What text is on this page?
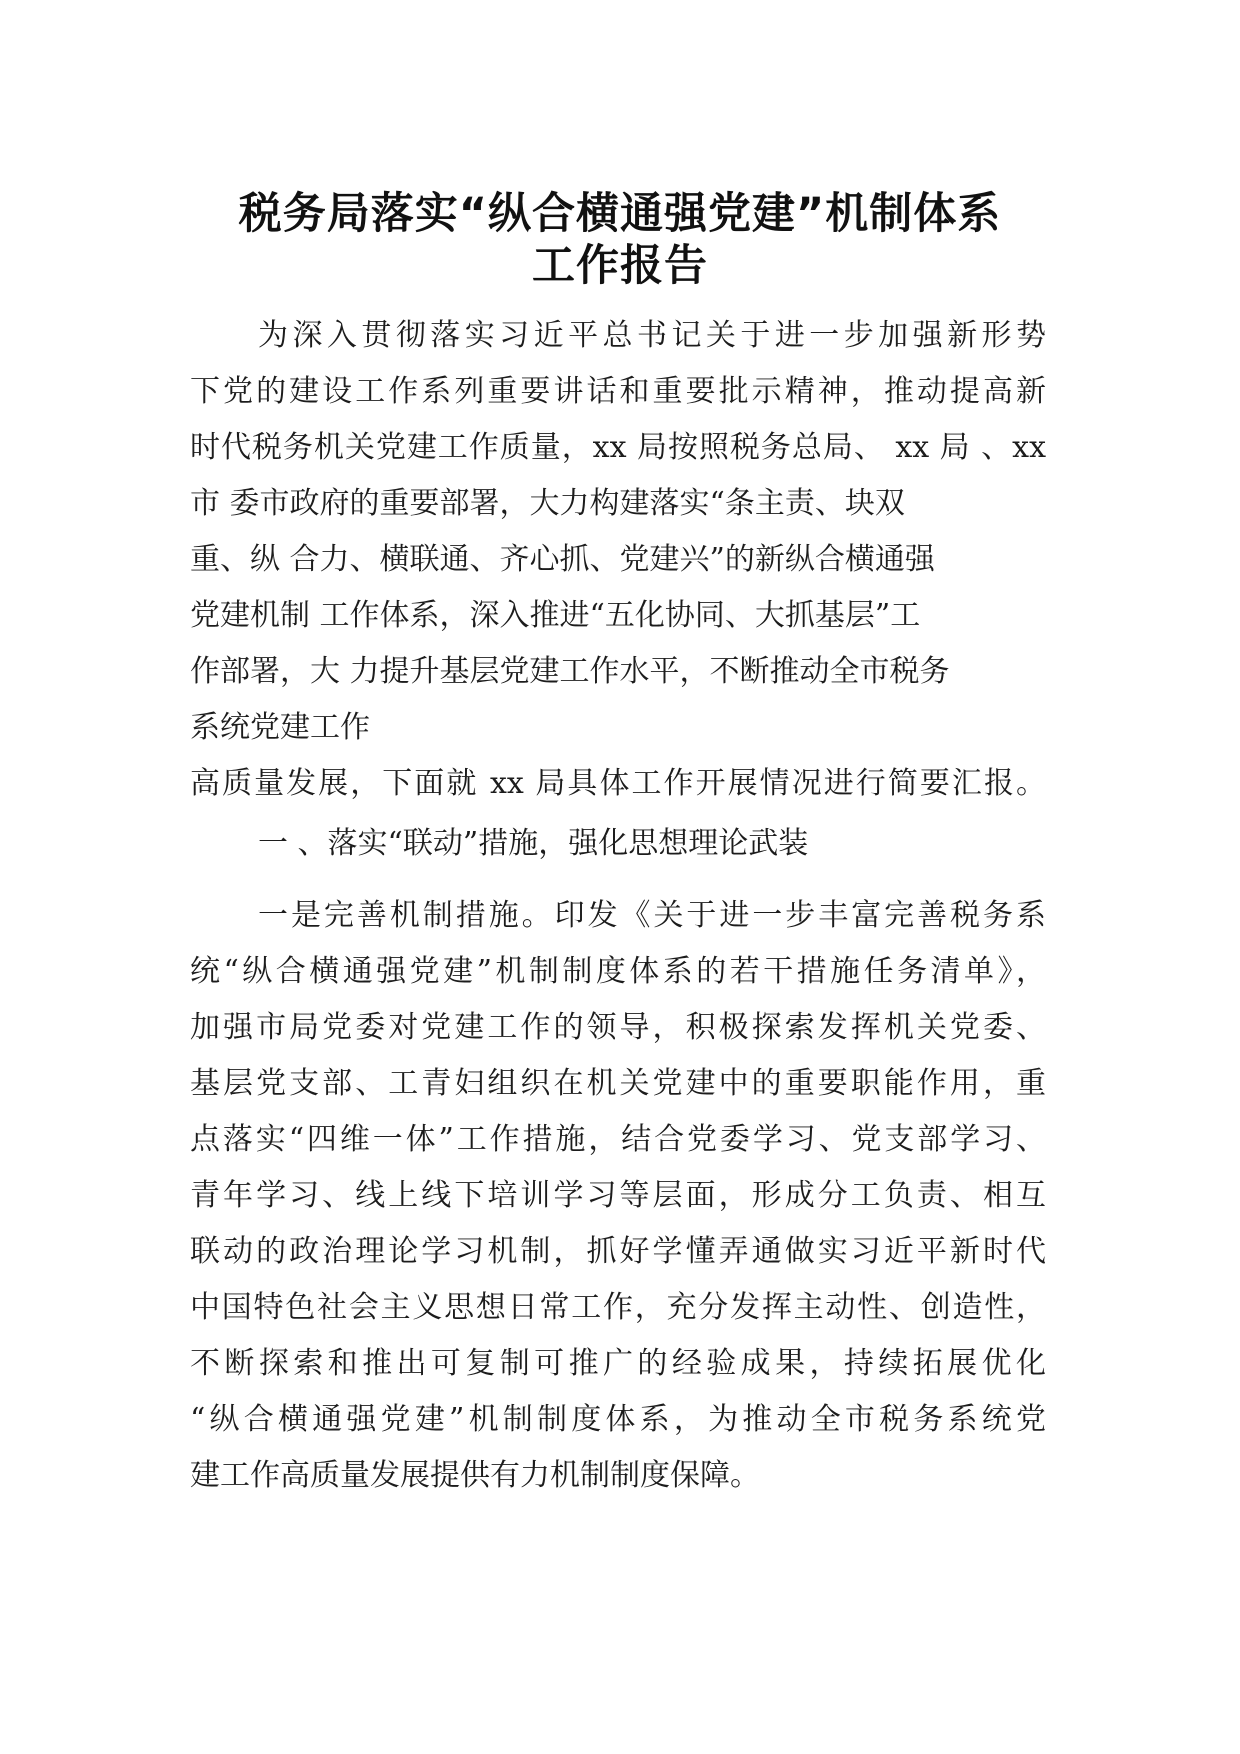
税务局落实“纵合横通强党建”机制体系
工作报告
为深入贯彻落实习近平总书记关于进一步加强新形势
下党的建设工作系列重要讲话和重要批示精神，推动提高新
时代税务机关党建工作质量，xx 局按照税务总局、 xx 局 、xx
市 委市政府的重要部署，大力构建落实“条主责、块双
重、纵 合力、横联通、齐心抓、党建兴”的新纵合横通强
党建机制 工作体系，深入推进“五化协同、大抓基层”工
作部署，大 力提升基层党建工作水平，不断推动全市税务
系统党建工作
高质量发展，下面就 xx 局具体工作开展情况进行简要汇报。
一 、落实“联动”措施，强化思想理论武装
一是完善机制措施。印发《关于进一步丰富完善税务系
统“纵合横通强党建”机制制度体系的若干措施任务清单》，
加强市局党委对党建工作的领导，积极探索发挥机关党委、
基层党支部、工青妇组织在机关党建中的重要职能作用，重
点落实“四维一体”工作措施，结合党委学习、党支部学习、
青年学习、线上线下培训学习等层面，形成分工负责、相互
联动的政治理论学习机制，抓好学懂弄通做实习近平新时代
中国特色社会主义思想日常工作，充分发挥主动性、创造性，
不断探索和推出可复制可推广的经验成果，持续拓展优化
“纵合横通强党建”机制制度体系，为推动全市税务系统党
建工作高质量发展提供有力机制制度保障。
